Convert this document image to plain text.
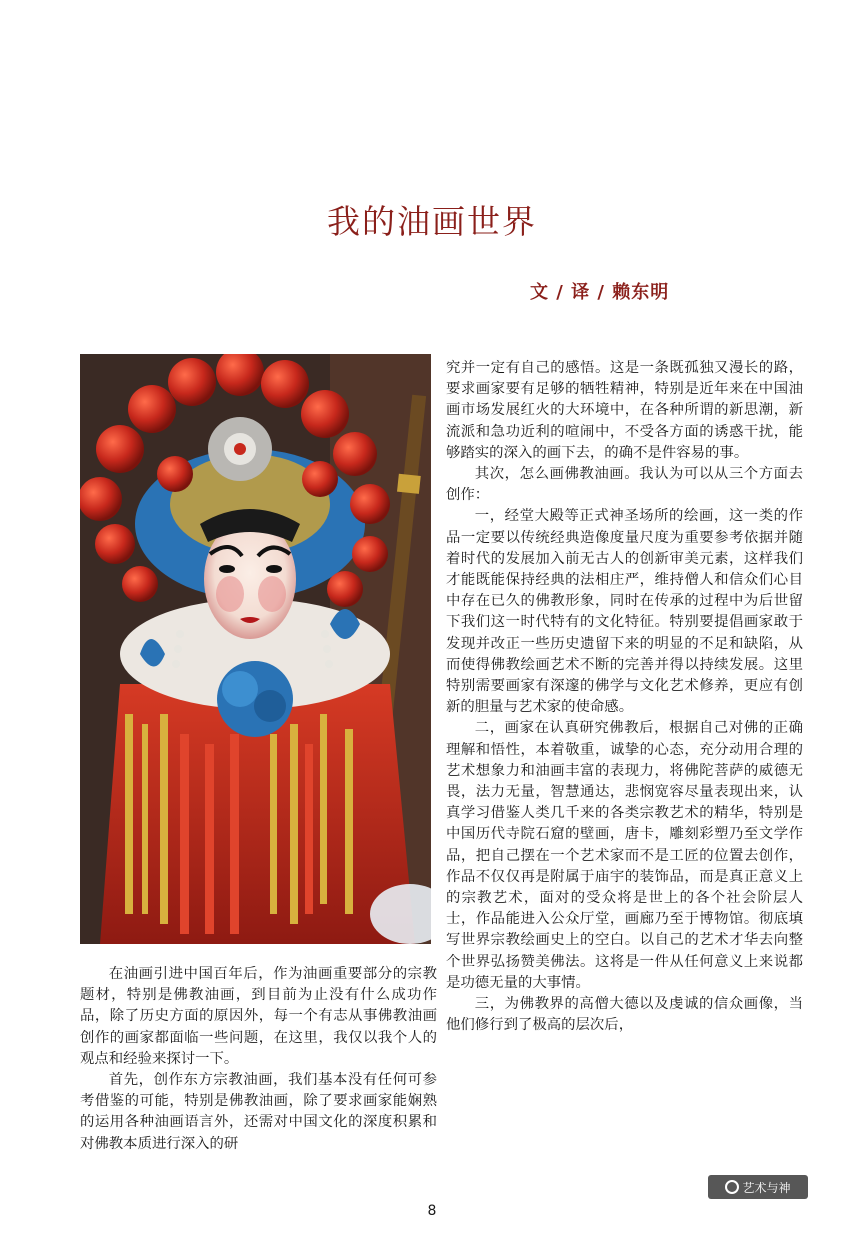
我的油画世界
文 / 译 / 赖东明

在油画引进中国百年后，作为油画重要部分的宗教题材，特别是佛教油画，到目前为止没有什么成功作品，除了历史方面的原因外，每一个有志从事佛教油画创作的画家都面临一些问题，在这里，我仅以我个人的观点和经验来探讨一下。

首先，创作东方宗教油画，我们基本没有任何可参考借鉴的可能，特别是佛教油画，除了要求画家能娴熟的运用各种油画语言外，还需对中国文化的深度积累和对佛教本质进行深入的研

究并一定有自己的感悟。这是一条既孤独又漫长的路，要求画家要有足够的牺牲精神，特别是近年来在中国油画市场发展红火的大环境中，在各种所谓的新思潮，新流派和急功近利的喧闹中，不受各方面的诱惑干扰，能够踏实的深入的画下去，的确不是件容易的事。

其次，怎么画佛教油画。我认为可以从三个方面去创作：

一，经堂大殿等正式神圣场所的绘画，这一类的作品一定要以传统经典造像度量尺度为重要参考依据并随着时代的发展加入前无古人的创新审美元素，这样我们才能既能保持经典的法相庄严，维持僧人和信众们心目中存在已久的佛教形象，同时在传承的过程中为后世留下我们这一时代特有的文化特征。特别要提倡画家敢于发现并改正一些历史遗留下来的明显的不足和缺陷，从而使得佛教绘画艺术不断的完善并得以持续发展。这里特别需要画家有深邃的佛学与文化艺术修养，更应有创新的胆量与艺术家的使命感。

二，画家在认真研究佛教后，根据自己对佛的正确理解和悟性，本着敬重，诚挚的心态，充分动用合理的艺术想象力和油画丰富的表现力，将佛陀菩萨的威德无畏，法力无量，智慧通达，悲悯宽容尽量表现出来，认真学习借鉴人类几千来的各类宗教艺术的精华，特别是中国历代寺院石窟的壁画，唐卡，雕刻彩塑乃至文学作品，把自己摆在一个艺术家而不是工匠的位置去创作，作品不仅仅再是附属于庙宇的装饰品，而是真正意义上的宗教艺术，面对的受众将是世上的各个社会阶层人士，作品能进入公众厅堂，画廊乃至于博物馆。彻底填写世界宗教绘画史上的空白。以自己的艺术才华去向整个世界弘扬赞美佛法。这将是一件从任何意义上来说都是功德无量的大事情。

三，为佛教界的高僧大德以及虔诚的信众画像，当他们修行到了极高的层次后，

艺术与神
8
